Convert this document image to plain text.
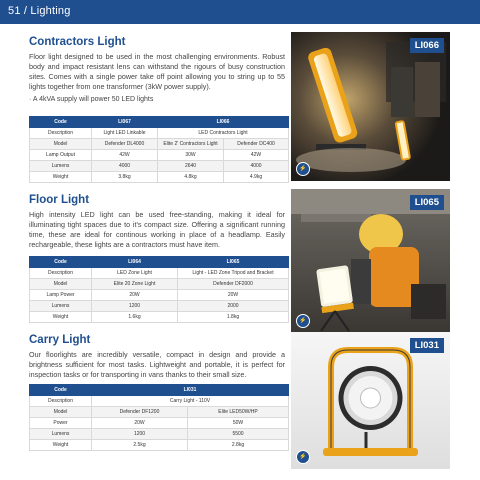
51 / Lighting
Contractors Light
Floor light designed to be used in the most challenging environments. Robust body and impact resistant lens can withstand the rigours of busy construction sites. Comes with a single power take off point allowing you to string up to 55 lights together from one transformer (3kW power supply).
· A 4kVA supply will power 50 LED lights
Code	LI067	LI066	
Description	Light LED Linkable	LED Contractors Light	
Model	Defender DL4000	Elite 2' Contractors Light	Defender DC400
Lamp Output	42W	30W	42W
Lumens	4000	2640	4000
Weight	3.8kg	4.8kg	4.9kg
LI066
⚡
Floor Light
High intensity LED light can be used free-standing, making it ideal for illuminating tight spaces due to it's compact size. Offering a significant running time, these are ideal for continous working in place of a headlamp. Easily rechargeable, these lights are a contractors must have item.
Code	LI064	LI065
Description	LED Zone Light	Light - LED Zone Tripod and Bracket
Model	Elite 20 Zone Light	Defender DF2000
Lamp Power	20W	20W
Lumens	1200	2000
Weight	1.6kg	1.8kg
LI065
⚡
Carry Light
Our floorlights are incredibly versatile, compact in design and provide a brightness sufficient for most tasks. Lightweight and portable, it is perfect for inspection tasks or for transporting in vans thanks to their small size.
Code	LI031	
Description	Carry Light - 110V	
Model	Defender DF1200	Elite LED50W/HP
Power	20W	50W
Lumens	1200	5500
Weight	2.5kg	2.8kg
LI031
⚡
